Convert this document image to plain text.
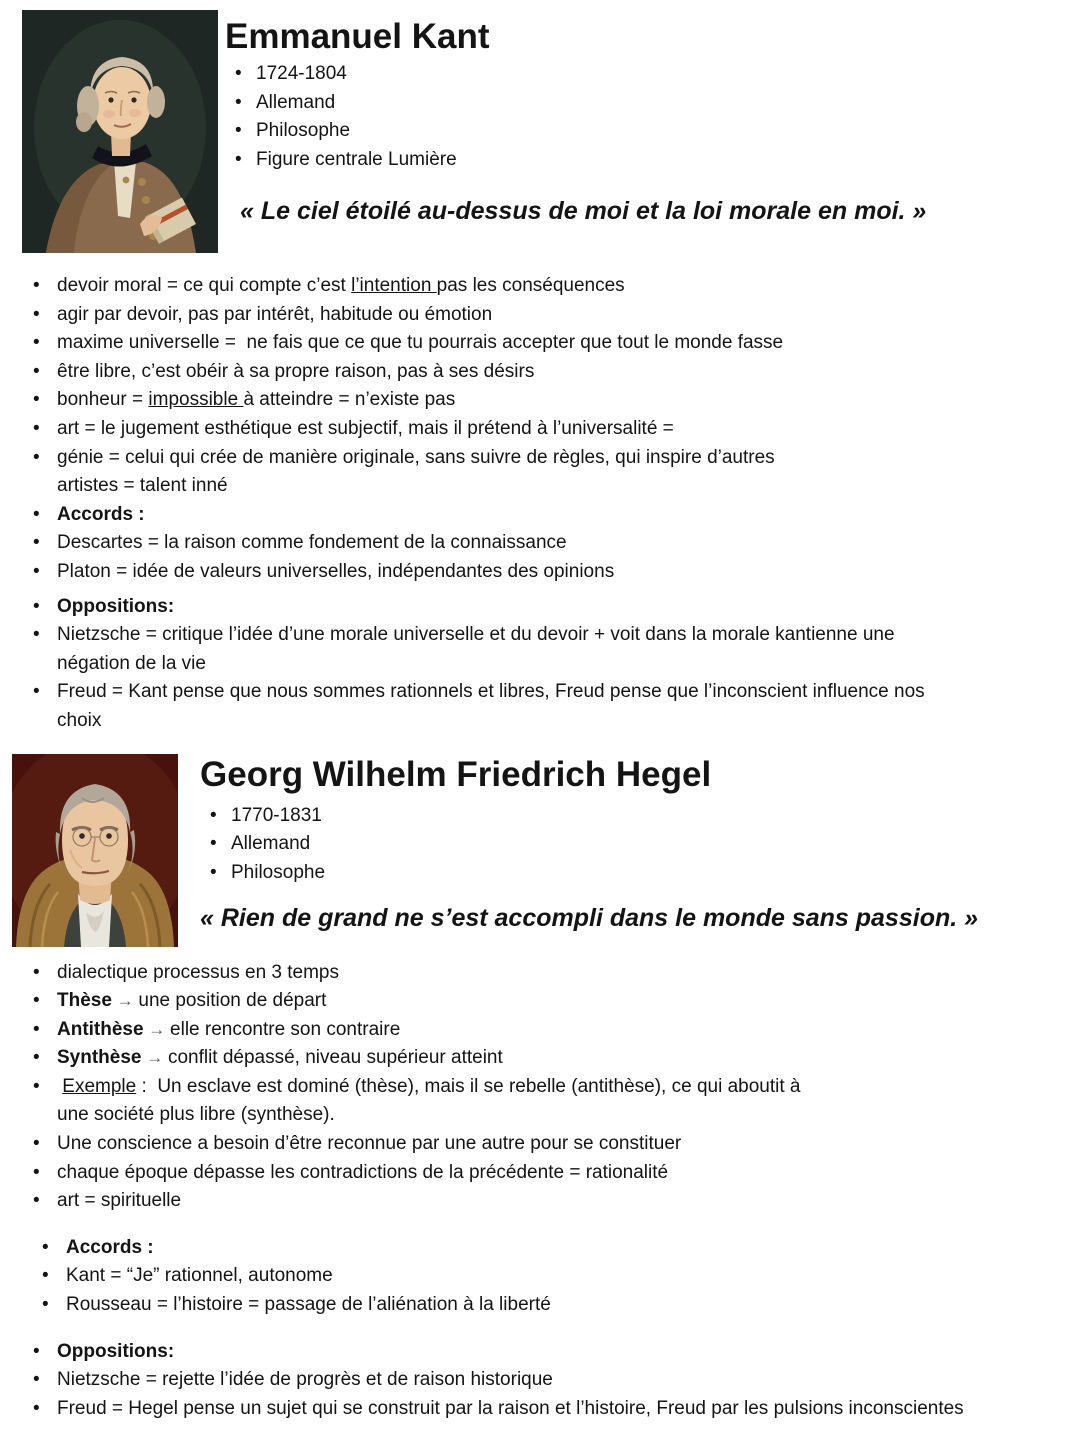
Emmanuel Kant
• 1724-1804
• Allemand
• Philosophe
• Figure centrale Lumière
« Le ciel étoilé au-dessus de moi et la loi morale en moi. »
• devoir moral = ce qui compte c’est l’intention pas les conséquences
• agir par devoir, pas par intérêt, habitude ou émotion
• maxime universelle =  ne fais que ce que tu pourrais accepter que tout le monde fasse
• être libre, c’est obéir à sa propre raison, pas à ses désirs
• bonheur = impossible à atteindre = n’existe pas
• art = le jugement esthétique est subjectif, mais il prétend à l’universalité =
• génie = celui qui crée de manière originale, sans suivre de règles, qui inspire d’autres
artistes = talent inné
• Accords :
• Descartes = la raison comme fondement de la connaissance
• Platon = idée de valeurs universelles, indépendantes des opinions
• Oppositions:
• Nietzsche = critique l’idée d’une morale universelle et du devoir + voit dans la morale kantienne une
négation de la vie
• Freud = Kant pense que nous sommes rationnels et libres, Freud pense que l’inconscient influence nos
choix
Georg Wilhelm Friedrich Hegel
• 1770-1831
• Allemand
• Philosophe
« Rien de grand ne s’est accompli dans le monde sans passion. »
• dialectique processus en 3 temps
• Thèse → une position de départ
• Antithèse → elle rencontre son contraire
• Synthèse → conflit dépassé, niveau supérieur atteint
•	Exemple :  Un esclave est dominé (thèse), mais il se rebelle (antithèse), ce qui aboutit à
une société plus libre (synthèse).
• Une conscience a besoin d’être reconnue par une autre pour se constituer
• chaque époque dépasse les contradictions de la précédente = rationalité
• art = spirituelle
• Accords :
• Kant = “Je” rationnel, autonome
• Rousseau = l’histoire = passage de l’aliénation à la liberté
• Oppositions:
• Nietzsche = rejette l’idée de progrès et de raison historique
• Freud = Hegel pense un sujet qui se construit par la raison et l’histoire, Freud par les pulsions inconscientes
